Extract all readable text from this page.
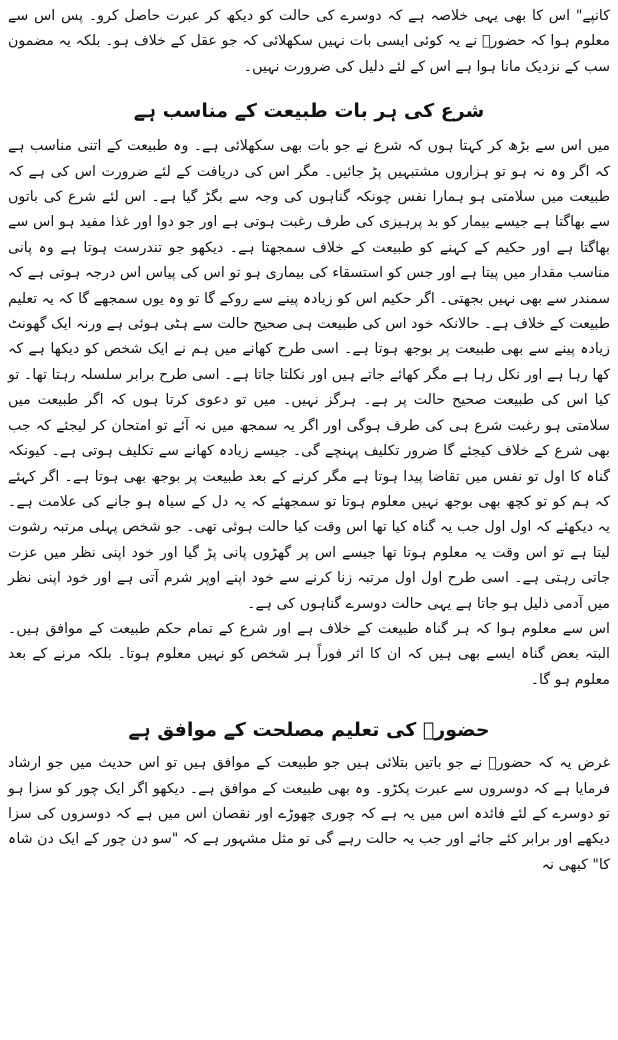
کانپے" اس کا بھی یہی خلاصہ ہے کہ دوسرے کی حالت کو دیکھ کر عبرت حاصل کرو۔ پس اس سے معلوم ہوا کہ حضورؐ نے یہ کوئی ایسی بات نہیں سکھلائی کہ جو عقل کے خلاف ہو۔ بلکہ یہ مضمون سب کے نزدیک مانا ہوا ہے اس کے لئے دلیل کی ضرورت نہیں۔

شرع کی ہر بات طبیعت کے مناسب ہے

میں اس سے بڑھ کر کہتا ہوں کہ شرع نے جو بات بھی سکھلائی ہے۔ وہ طبیعت کے اتنی مناسب ہے کہ اگر وہ نہ ہو تو ہزاروں مشتبہیں پڑ جائیں۔ مگر اس کی دریافت کے لئے ضرورت اس کی ہے کہ طبیعت میں سلامتی ہو ہمارا نفس چونکہ گناہوں کی وجہ سے بگڑ گیا ہے۔ اس لئے شرع کی باتوں سے بھاگتا ہے جیسے بیمار کو بد پرہیزی کی طرف رغبت ہوتی ہے اور جو دوا اور غذا مفید ہو اس سے بھاگتا ہے اور حکیم کے کہنے کو طبیعت کے خلاف سمجھتا ہے۔ دیکھو جو تندرست ہوتا ہے وہ پانی مناسب مقدار میں پیتا ہے اور جس کو استسقاء کی بیماری ہو تو اس کی پیاس اس درجہ ہوتی ہے کہ سمندر سے بھی نہیں بجھتی۔ اگر حکیم اس کو زیادہ پینے سے روکے گا تو وہ یوں سمجھے گا کہ یہ تعلیم طبیعت کے خلاف ہے۔ حالانکہ خود اس کی طبیعت ہی صحیح حالت سے ہٹی ہوئی ہے ورنہ ایک گھونٹ زیادہ پینے سے بھی طبیعت پر بوجھ ہوتا ہے۔ اسی طرح کھانے میں ہم نے ایک شخص کو دیکھا ہے کہ کھا رہا ہے اور نکل رہا ہے مگر کھائے جاتے ہیں اور نکلتا جاتا ہے۔ اسی طرح برابر سلسلہ رہتا تھا۔ تو کیا اس کی طبیعت صحیح حالت پر ہے۔ ہرگز نہیں۔ میں تو دعوی کرتا ہوں کہ اگر طبیعت میں سلامتی ہو رغبت شرع ہی کی طرف ہوگی اور اگر یہ سمجھ میں نہ آئے تو امتحان کر لیجئے کہ جب بھی شرع کے خلاف کیجئے گا ضرور تکلیف پہنچے گی۔ جیسے زیادہ کھانے سے تکلیف ہوتی ہے۔ کیونکہ گناہ کا اول تو نفس میں تقاضا پیدا ہوتا ہے مگر کرنے کے بعد طبیعت پر بوجھ بھی ہوتا ہے۔ اگر کہئے کہ ہم کو تو کچھ بھی بوجھ نہیں معلوم ہوتا تو سمجھئے کہ یہ دل کے سیاہ ہو جانے کی علامت ہے۔ یہ دیکھئے کہ اول اول جب یہ گناہ کیا تھا اس وقت کیا حالت ہوئی تھی۔ جو شخص پہلی مرتبہ رشوت لیتا ہے تو اس وقت یہ معلوم ہوتا تھا جیسے اس پر گھڑوں پانی پڑ گیا اور خود اپنی نظر میں عزت جاتی رہتی ہے۔ اسی طرح اول اول مرتبہ زنا کرنے سے خود اپنے اوپر شرم آتی ہے اور خود اپنی نظر میں آدمی ذلیل ہو جاتا ہے یہی حالت دوسرے گناہوں کی ہے۔

اس سے معلوم ہوا کہ ہر گناہ طبیعت کے خلاف ہے اور شرع کے تمام حکم طبیعت کے موافق ہیں۔ البتہ بعض گناہ ایسے بھی ہیں کہ ان کا اثر فوراً ہر شخص کو نہیں معلوم ہوتا۔ بلکہ مرنے کے بعد معلوم ہو گا۔

حضورؐ کی تعلیم مصلحت کے موافق ہے

غرض یہ کہ حضورؐ نے جو باتیں بتلائی ہیں جو طبیعت کے موافق ہیں تو اس حدیث میں جو ارشاد فرمایا ہے کہ دوسروں سے عبرت پکڑو۔ وہ بھی طبیعت کے موافق ہے۔ دیکھو اگر ایک چور کو سزا ہو تو دوسرے کے لئے فائدہ اس میں یہ ہے کہ چوری چھوڑے اور نقصان اس میں ہے کہ دوسروں کی سزا دیکھے اور برابر کئے جائے اور جب یہ حالت رہے گی تو مثل مشہور ہے کہ "سو دن چور کے ایک دن شاہ کا" کبھی نہ
